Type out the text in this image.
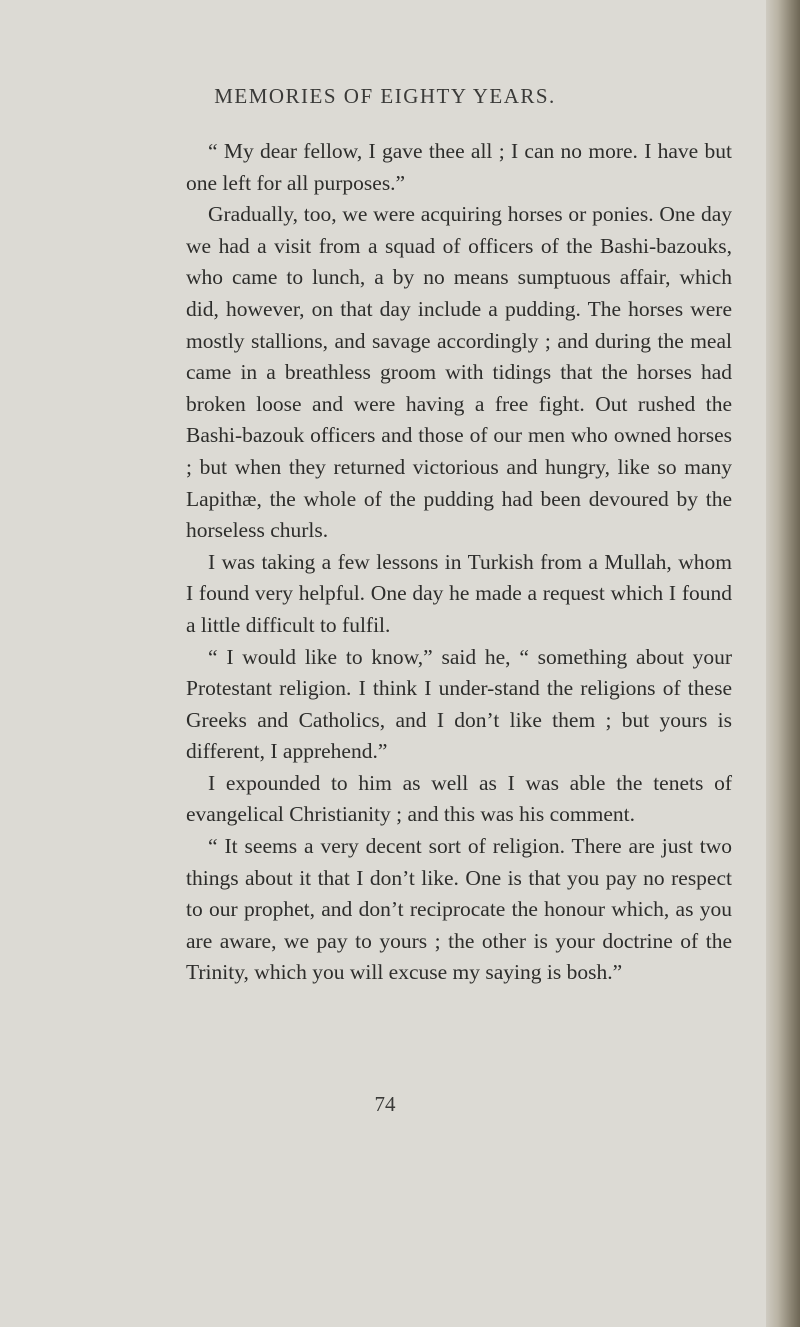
MEMORIES OF EIGHTY YEARS.

“ My dear fellow, I gave thee all ; I can no more. I have but one left for all purposes.”

Gradually, too, we were acquiring horses or ponies. One day we had a visit from a squad of officers of the Bashi-bazouks, who came to lunch, a by no means sumptuous affair, which did, however, on that day include a pudding. The horses were mostly stallions, and savage accordingly ; and during the meal came in a breathless groom with tidings that the horses had broken loose and were having a free fight. Out rushed the Bashi-bazouk officers and those of our men who owned horses ; but when they returned victorious and hungry, like so many Lapithæ, the whole of the pudding had been devoured by the horseless churls.

I was taking a few lessons in Turkish from a Mullah, whom I found very helpful. One day he made a request which I found a little difficult to fulfil.

“ I would like to know,” said he, “ something about your Protestant religion. I think I under-stand the religions of these Greeks and Catholics, and I don’t like them ; but yours is different, I apprehend.”

I expounded to him as well as I was able the tenets of evangelical Christianity ; and this was his comment.

“ It seems a very decent sort of religion. There are just two things about it that I don’t like. One is that you pay no respect to our prophet, and don’t reciprocate the honour which, as you are aware, we pay to yours ; the other is your doctrine of the Trinity, which you will excuse my saying is bosh.”

74
